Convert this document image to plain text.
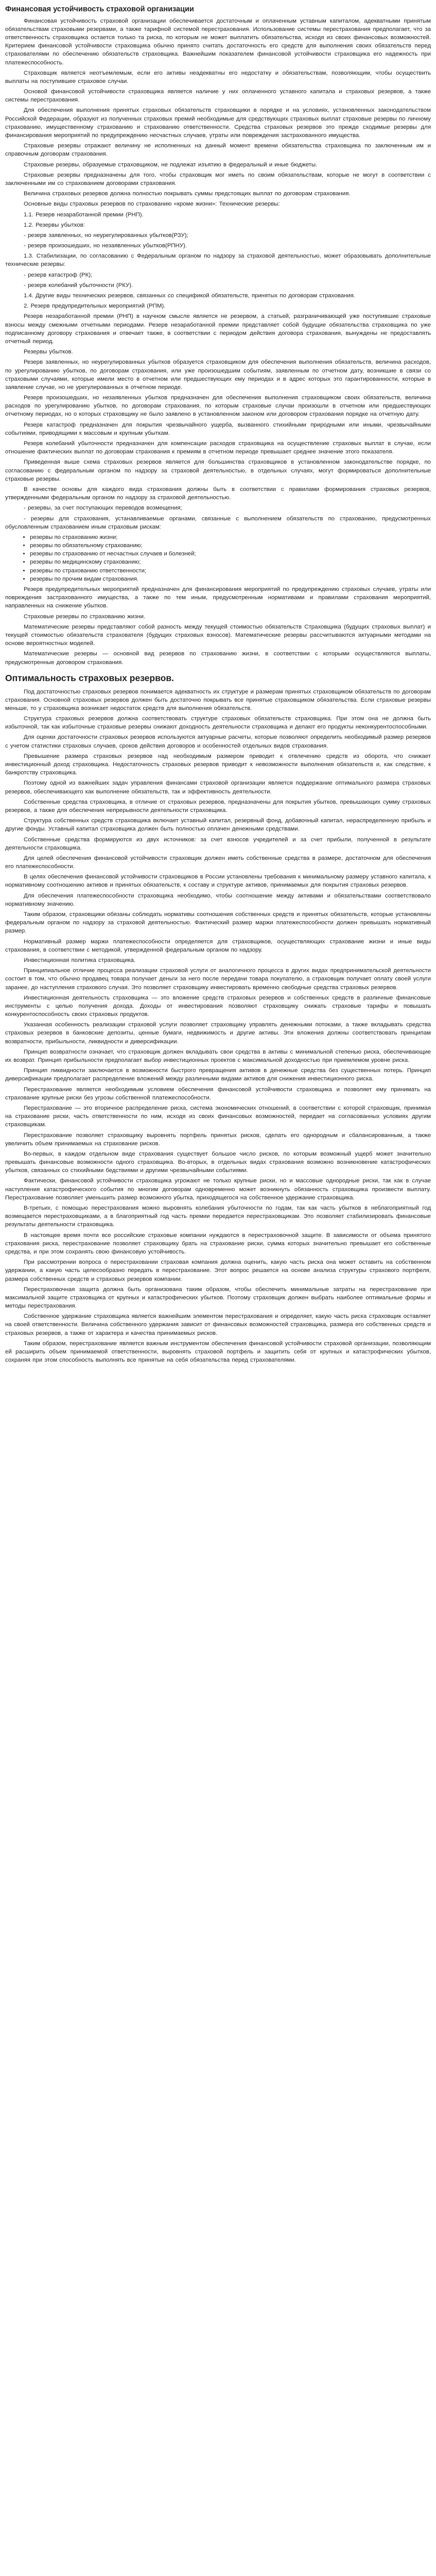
Финансовая устойчивость страховой организации

Финансовая устойчивость страховой организации обеспечивается достаточным и оплаченным уставным капиталом, адекватными принятым обязательствам страховыми резервами, а также тарифной системой перестрахования. Использование системы перестрахования предполагает, что за ответственность страховщика остается только та рискa, по которым не может выплатить обязательства, исходя из своих финансовых возможностей. Критерием финансовой устойчивости страховщика обычно принято считать достаточность его средств для выполнения своих обязательств перед страхователями по обеспечению обязательств страховщика. Важнейшим показателем финансовой устойчивости страховщика его надежность при платежеспособность.

Страховщик является неотъемлемым, если его активы неадекватны его недостатку и обязательствам, позволяющим, чтобы осуществить выплаты на поступившее страховое случаи.

Основой финансовой устойчивости страховщика является наличие у них оплаченного уставного капитала и страховых резервов, а также системы перестрахования.

Для обеспечения выполнения принятых страховых обязательств страховщики в порядке и на условиях, установленных законодательством Российской Федерации, образуют из полученных страховых премий необходимые для средствующих страховых выплат страховые резервы по личному страхованию, имущественному страхованию и страхованию ответственности. Средства страховых резервов это прежде сходимые резервы для финансирования мероприятий по предупреждению несчастных случаев, утраты или повреждения застрахованного имущества.

Страховые резервы отражают величину не исполненных на данный момент времени обязательства страховщика по заключенным им и справочным договорам страхования.

Страховые резервы, образуемые страховщиком, не подлежат изъятию в федеральный и иные бюджеты.

Страховые резервы предназначены для того, чтобы страховщик мог иметь по своим обязательствам, которые не могут в соответствии с заключенными им со страхованием договорами страхования.

Величина страховых резервов должна полностью покрывать суммы предстоящих выплат по договорам страхования.

Основные виды страховых резервов по страхованию «кроме жизни»: Технические резервы:

1.1. Резерв незаработанной премии (РНП).

1.2. Резервы убытков:

- резерв заявленных, но неурегулированных убытков(РЗУ);

- резерв произошедших, но незаявленных убытков(РПНУ).

1.3. Стабилизации, по согласованию с Федеральным органом по надзору за страховой деятельностью, может образовывать дополнительные технические резервы:

- резерв катастроф (РК);

- резерв колебаний убыточности (РКУ).

1.4. Другие виды технических резервов, связанных со спецификой обязательств, принятых по договорам страхования.

2. Резерв предупредительных мероприятий (РПМ).

Резерв незаработанной премии (РНП) в научном смысле является не резервом, а статьей, разграничивающей уже поступившие страховые взносы между смежными отчетными периодами. Резерв незаработанной премии представляет собой будущие обязательства страховщика по уже подписанному договору страхования и отвечает также, в соответствии с периодом действия договора страхования, вынуждены не предоставлять отчетный период.

Резервы убытков.

Резерв заявленных, но неурегулированных убытков образуется страховщиком для обеспечения выполнения обязательств, величина расходов, по урегулированию убытков, по договорам страхования, или уже произошедшим событиям, заявленным по отчетном дату, возникшие в связи со страховыми случаями, которые имели место в отчетном или предшествующих ему периодах и в адрес которых это гарантированности, которые в заявление случае, но не урегулированных в отчетном периоде.

Резерв произошедших, но незаявленных убытков предназначен для обеспечения выполнения страховщиком своих обязательств, величина расходов по урегулированию убытков, по договорам страхования, по которым страховые случаи произошли в отчетном или предшествующих отчетному периодах, но о которых страховщику не было заявлено в установленном законом или договором страхования порядке на отчетную дату.

Резерв катастроф предназначен для покрытия чрезвычайного ущерба, вызванного стихийными природными или иными, чрезвычайными событиями, приводящими к массовым и крупным убыткам.

Резерв колебаний убыточности предназначен для компенсации расходов страховщика на осуществление страховых выплат в случае, если отношение фактических выплат по договорам страхования к премиям в отчетном периоде превышает среднее значение этого показателя.

Приведенная выше схема страховых резервов является для большинства страховщиков в установленном законодательстве порядке, по согласованию с федеральным органом по надзору за страховой деятельностью, в отдельных случаях, могут формироваться дополнительные страховые резервы.

В качестве основы для каждого вида страхования должны быть в соответствии с правилами формирования страховых резервов, утвержденными федеральным органом по надзору за страховой деятельностью.

- резервы, за счет поступающих переводов возмещения;

- резервы для страхования, устанавливаемые органами, связанные с выполнением обязательств по страхованию, предусмотренных обусловленным страхованием иным страховым рискам:

• резервы по страхованию жизни;
• резервы по обязательному страхованию;
• резервы по страхованию от несчастных случаев и болезней;
• резервы по медицинскому страхованию;
• резервы по страхованию ответственности;
• резервы по прочим видам страхования.

Резерв предупредительных мероприятий предназначен для финансирования мероприятий по предупреждению страховых случаев, утраты или повреждения застрахованного имущества, а также по тем иным, предусмотренным нормативами и правилами страхования мероприятий, направленных на снижение убытков.

Страховые резервы по страхованию жизни.

Математические резервы представляют собой разность между текущей стоимостью обязательств Страховщика (будущих страховых выплат) и текущей стоимостью обязательств страхователя (будущих страховых взносов). Математические резервы рассчитываются актуарными методами на основе вероятностных моделей.

Математические резервы — основной вид резервов по страхованию жизни, в соответствии с которыми осуществляются выплаты, предусмотренные договором страхования.

Оптимальность страховых резервов.

Под достаточностью страховых резервов понимается адекватность их структуре и размерам принятых страховщиком обязательств по договорам страхования. Основной страховых резервов должен быть достаточно покрывать все принятые страховщиком обязательства. Если страховые резервы меньше, то у страховщика возникает недостаток средств для выполнения обязательств.

Структура страховых резервов должна соответствовать структуре страховых обязательств страховщика. При этом она не должна быть избыточной, так как избыточные страховые резервы снижают доходность деятельности страховщика и делают его продукты неконкурентоспособными.

Для оценки достаточности страховых резервов используются актуарные расчеты, которые позволяют определить необходимый размер резервов с учетом статистики страховых случаев, сроков действия договоров и особенностей отдельных видов страхования.

Превышение размера страховых резервов над необходимым размером приводит к отвлечению средств из оборота, что снижает инвестиционный доход страховщика. Недостаточность страховых резервов приводит к невозможности выполнения обязательств и, как следствие, к банкротству страховщика.

Поэтому одной из важнейших задач управления финансами страховой организации является поддержание оптимального размера страховых резервов, обеспечивающего как выполнение обязательств, так и эффективность деятельности.

Собственные средства страховщика, в отличие от страховых резервов, предназначены для покрытия убытков, превышающих сумму страховых резервов, а также для обеспечения непрерывности деятельности страховщика.

Структура собственных средств страховщика включает уставный капитал, резервный фонд, добавочный капитал, нераспределенную прибыль и другие фонды. Уставный капитал страховщика должен быть полностью оплачен денежными средствами.

Собственные средства формируются из двух источников: за счет взносов учредителей и за счет прибыли, полученной в результате деятельности страховщика.

Для целей обеспечения финансовой устойчивости страховщик должен иметь собственные средства в размере, достаточном для обеспечения его платежеспособности.

В целях обеспечения финансовой устойчивости страховщиков в России установлены требования к минимальному размеру уставного капитала, к нормативному соотношению активов и принятых обязательств, к составу и структуре активов, принимаемых для покрытия страховых резервов.

Для обеспечения платежеспособности страховщика необходимо, чтобы соотношение между активами и обязательствами соответствовало нормативному значению.

Таким образом, страховщики обязаны соблюдать нормативы соотношения собственных средств и принятых обязательств, которые установлены федеральным органом по надзору за страховой деятельностью. Фактический размер маржи платежеспособности должен превышать нормативный размер.

Нормативный размер маржи платежеспособности определяется для страховщиков, осуществляющих страхование жизни и иные виды страхования, в соответствии с методикой, утвержденной федеральным органом по надзору.

Инвестиционная политика страховщика.

Принципиальное отличие процесса реализации страховой услуги от аналогичного процесса в других видах предпринимательской деятельности состоит в том, что обычно продавец товара получает деньги за него после передачи товара покупателю, а страховщик получает оплату своей услуги заранее, до наступления страхового случая. Это позволяет страховщику инвестировать временно свободные средства страховых резервов.

Инвестиционная деятельность страховщика — это вложение средств страховых резервов и собственных средств в различные финансовые инструменты с целью получения дохода. Доходы от инвестирования позволяют страховщику снижать страховые тарифы и повышать конкурентоспособность своих страховых продуктов.

Указанная особенность реализации страховой услуги позволяет страховщику управлять денежными потоками, а также вкладывать средства страховых резервов в банковские депозиты, ценные бумаги, недвижимость и другие активы. Эти вложения должны соответствовать принципам возвратности, прибыльности, ликвидности и диверсификации.

Принцип возвратности означает, что страховщик должен вкладывать свои средства в активы с минимальной степенью риска, обеспечивающие их возврат. Принцип прибыльности предполагает выбор инвестиционных проектов с максимальной доходностью при приемлемом уровне риска.

Принцип ликвидности заключается в возможности быстрого превращения активов в денежные средства без существенных потерь. Принцип диверсификации предполагает распределение вложений между различными видами активов для снижения инвестиционного риска.

Перестрахование является необходимым условием обеспечения финансовой устойчивости страховщика и позволяет ему принимать на страхование крупные риски без угрозы собственной платежеспособности.

Перестрахование — это вторичное распределение риска, система экономических отношений, в соответствии с которой страховщик, принимая на страхование риски, часть ответственности по ним, исходя из своих финансовых возможностей, передает на согласованных условиях другим страховщикам.

Перестрахование позволяет страховщику выровнять портфель принятых рисков, сделать его однородным и сбалансированным, а также увеличить объем принимаемых на страхование рисков.

Во-первых, в каждом отдельном виде страхования существует большое число рисков, по которым возможный ущерб может значительно превышать финансовые возможности одного страховщика. Во-вторых, в отдельных видах страхования возможно возникновение катастрофических убытков, связанных со стихийными бедствиями и другими чрезвычайными событиями.

Фактически, финансовой устойчивости страховщика угрожают не только крупные риски, но и массовые однородные риски, так как в случае наступления катастрофического события по многим договорам одновременно может возникнуть обязанность страховщика произвести выплату. Перестрахование позволяет уменьшить размер возможного убытка, приходящегося на собственное удержание страховщика.

В-третьих, с помощью перестрахования можно выровнять колебания убыточности по годам, так как часть убытков в неблагоприятный год возмещается перестраховщиками, а в благоприятный год часть премии передается перестраховщикам. Это позволяет стабилизировать финансовые результаты деятельности страховщика.

В настоящее время почти все российские страховые компании нуждаются в перестраховочной защите. В зависимости от объема принятого страхования риска, перестрахование позволяет страховщику брать на страхование риски, сумма которых значительно превышает его собственные средства, и при этом сохранять свою финансовую устойчивость.

При рассмотрении вопроса о перестраховании страховая компания должна оценить, какую часть риска она может оставить на собственном удержании, а какую часть целесообразно передать в перестрахование. Этот вопрос решается на основе анализа структуры страхового портфеля, размера собственных средств и страховых резервов компании.

Перестраховочная защита должна быть организована таким образом, чтобы обеспечить минимальные затраты на перестрахование при максимальной защите страховщика от крупных и катастрофических убытков. Поэтому страховщик должен выбрать наиболее оптимальные формы и методы перестрахования.

Собственное удержание страховщика является важнейшим элементом перестрахования и определяет, какую часть риска страховщик оставляет на своей ответственности. Величина собственного удержания зависит от финансовых возможностей страховщика, размера его собственных средств и страховых резервов, а также от характера и качества принимаемых рисков.

Таким образом, перестрахование является важным инструментом обеспечения финансовой устойчивости страховой организации, позволяющим ей расширить объем принимаемой ответственности, выровнять страховой портфель и защитить себя от крупных и катастрофических убытков, сохраняя при этом способность выполнять все принятые на себя обязательства перед страхователями.
